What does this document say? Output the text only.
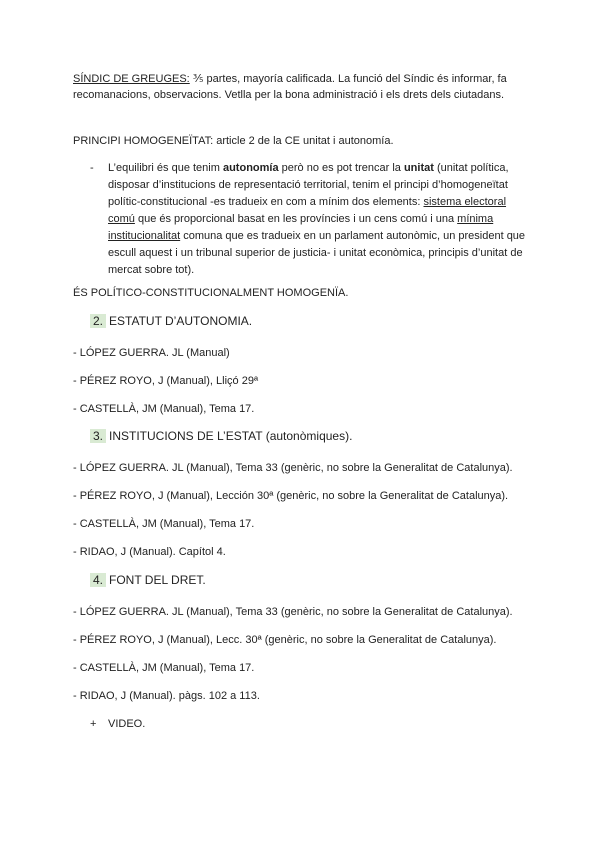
SÍNDIC DE GREUGES: ⅗ partes, mayoría calificada. La funció del Síndic és informar, fa recomanacions, observacions. Vetlla per la bona administració i els drets dels ciutadans.
PRINCIPI HOMOGENEÏTAT: article 2 de la CE unitat i autonomía.
- L’equilibri és que tenim autonomía però no es pot trencar la unitat (unitat política, disposar d’institucions de representació territorial, tenim el principi d’homogeneïtat polític-constitucional -es tradueix en com a mínim dos elements: sistema electoral comú que és proporcional basat en les províncies i un cens comú i una mínima institucionalitat comuna que es tradueix en un parlament autonòmic, un president que escull aquest i un tribunal superior de justicia- i unitat econòmica, principis d’unitat de mercat sobre tot).
ÉS POLÍTICO-CONSTITUCIONALMENT HOMOGENÏA.
2. ESTATUT D’AUTONOMIA.
- LÓPEZ GUERRA. JL (Manual)
- PÉREZ ROYO, J (Manual), Lliçó 29ª
- CASTELLÀ, JM (Manual), Tema 17.
3. INSTITUCIONS DE L’ESTAT (autonòmiques).
- LÓPEZ GUERRA. JL (Manual), Tema 33 (genèric, no sobre la Generalitat de Catalunya).
- PÉREZ ROYO, J (Manual), Lección 30ª (genèric, no sobre la Generalitat de Catalunya).
- CASTELLÀ, JM (Manual), Tema 17.
- RIDAO, J (Manual). Capítol 4.
4. FONT DEL DRET.
- LÓPEZ GUERRA. JL (Manual), Tema 33 (genèric, no sobre la Generalitat de Catalunya).
- PÉREZ ROYO, J (Manual), Lecc. 30ª (genèric, no sobre la Generalitat de Catalunya).
- CASTELLÀ, JM (Manual), Tema 17.
- RIDAO, J (Manual). pàgs. 102 a 113.
+ VIDEO.
